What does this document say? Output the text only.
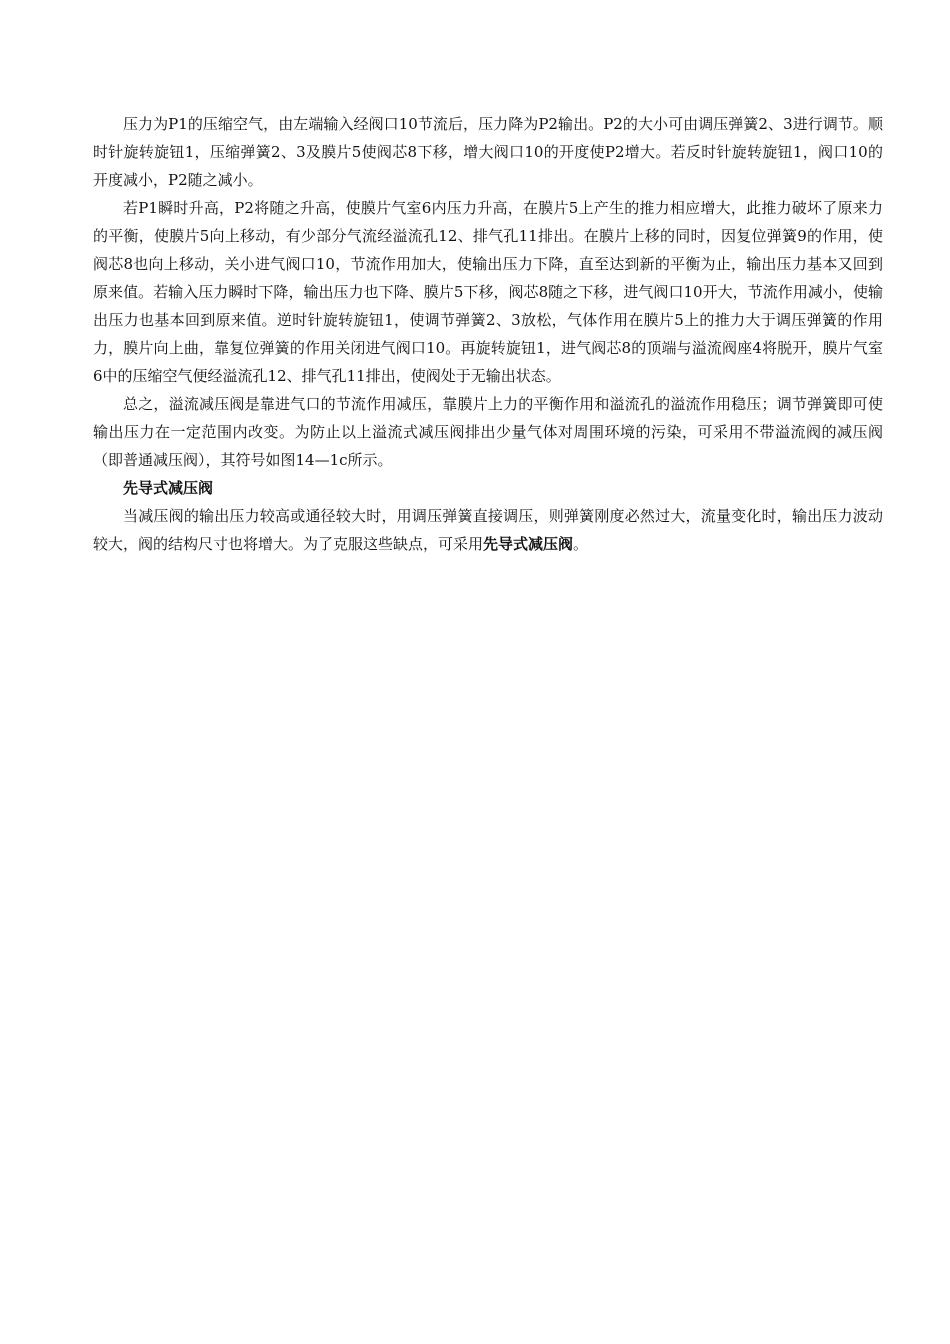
压力为P1的压缩空气，由左端输入经阀口10节流后，压力降为P2输出。P2的大小可由调压弹簧2、3进行调节。顺时针旋转旋钮1，压缩弹簧2、3及膜片5使阀芯8下移，增大阀口10的开度使P2增大。若反时针旋转旋钮1，阀口10的开度减小，P2随之减小。

若P1瞬时升高，P2将随之升高，使膜片气室6内压力升高，在膜片5上产生的推力相应增大，此推力破坏了原来力的平衡，使膜片5向上移动，有少部分气流经溢流孔12、排气孔11排出。在膜片上移的同时，因复位弹簧9的作用，使阀芯8也向上移动，关小进气阀口10，节流作用加大，使输出压力下降，直至达到新的平衡为止，输出压力基本又回到原来值。若输入压力瞬时下降，输出压力也下降、膜片5下移，阀芯8随之下移，进气阀口10开大，节流作用减小，使输出压力也基本回到原来值。逆时针旋转旋钮1，使调节弹簧2、3放松，气体作用在膜片5上的推力大于调压弹簧的作用力，膜片向上曲，靠复位弹簧的作用关闭进气阀口10。再旋转旋钮1，进气阀芯8的顶端与溢流阀座4将脱开，膜片气室6中的压缩空气便经溢流孔12、排气孔11排出，使阀处于无输出状态。

总之，溢流减压阀是靠进气口的节流作用减压，靠膜片上力的平衡作用和溢流孔的溢流作用稳压；调节弹簧即可使输出压力在一定范围内改变。为防止以上溢流式减压阀排出少量气体对周围环境的污染，可采用不带溢流阀的减压阀（即普通减压阀），其符号如图14—1c所示。

先导式减压阀

当减压阀的输出压力较高或通径较大时，用调压弹簧直接调压，则弹簧刚度必然过大，流量变化时，输出压力波动较大，阀的结构尺寸也将增大。为了克服这些缺点，可采用先导式减压阀。
